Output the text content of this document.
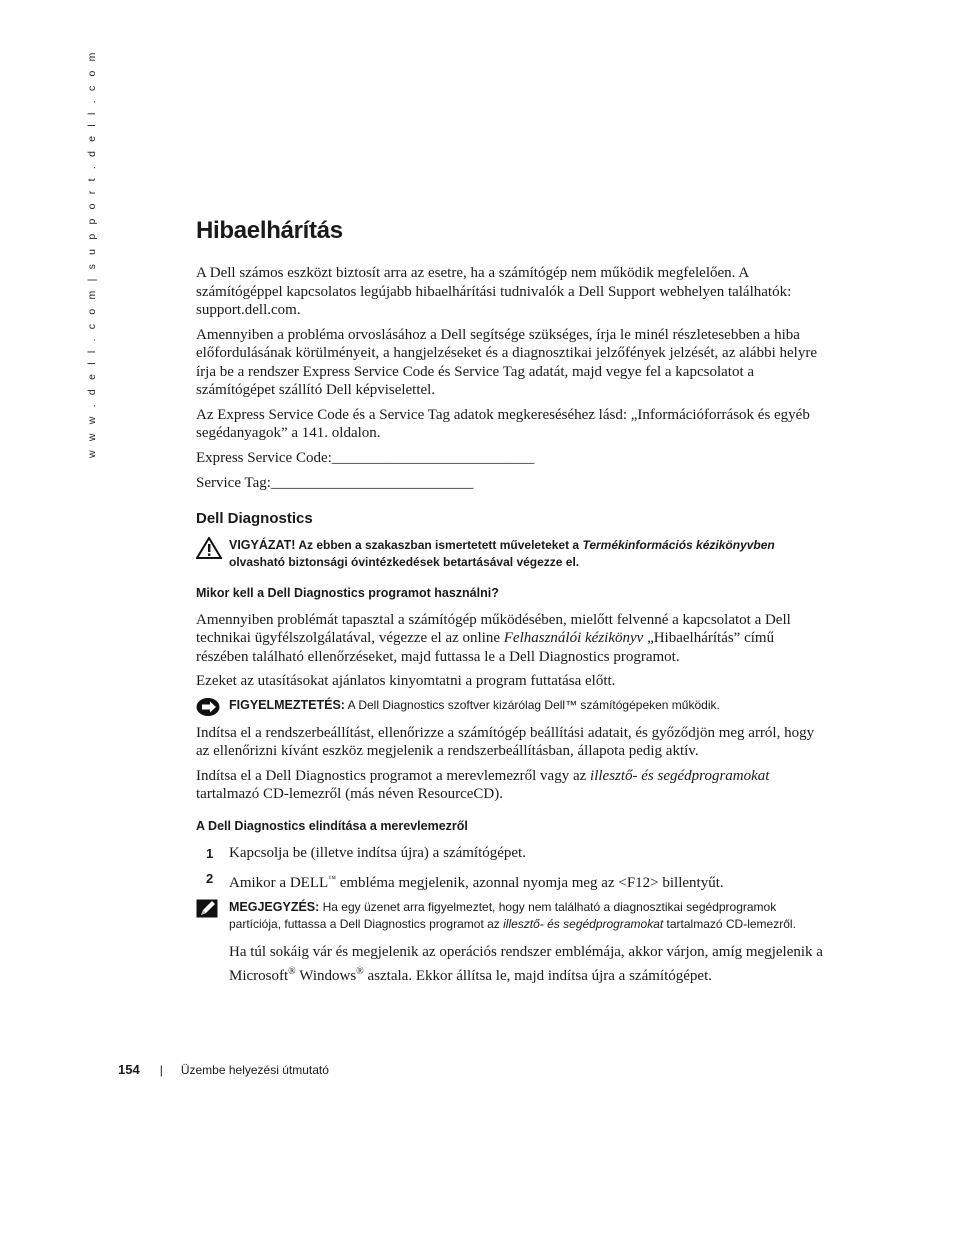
w w w . d e l l . c o m | s u p p o r t . d e l l . c o m	Hibaelhárítás

A Dell számos eszközt biztosít arra az esetre, ha a számítógép nem működik megfelelően. A számítógéppel kapcsolatos legújabb hibaelhárítási tudnivalók a Dell Support webhelyen találhatók: support.dell.com.

Amennyiben a probléma orvoslásához a Dell segítsége szükséges, írja le minél részletesebben a hiba előfordulásának körülményeit, a hangjelzéseket és a diagnosztikai jelzőfények jelzését, az alábbi helyre írja be a rendszer Express Service Code és Service Tag adatát, majd vegye fel a kapcsolatot a számítógépet szállító Dell képviselettel.

Az Express Service Code és a Service Tag adatok megkereséséhez lásd: „Információforrások és egyéb segédanyagok” a 141. oldalon.

Express Service Code:___________________________

Service Tag:___________________________

Dell Diagnostics
VIGYÁZAT! Az ebben a szakaszban ismertetett műveleteket a Termékinformációs kézikönyvben olvasható biztonsági óvintézkedések betartásával végezze el.
Mikor kell a Dell Diagnostics programot használni?

Amennyiben problémát tapasztal a számítógép működésében, mielőtt felvenné a kapcsolatot a Dell technikai ügyfélszolgálatával, végezze el az online Felhasználói kézikönyv „Hibaelhárítás” című részében található ellenőrzéseket, majd futtassa le a Dell Diagnostics programot.

Ezeket az utasításokat ajánlatos kinyomtatni a program futtatása előtt.

FIGYELMEZTETÉS: A Dell Diagnostics szoftver kizárólag Dell™ számítógépeken működik.

Indítsa el a rendszerbeállítást, ellenőrizze a számítógép beállítási adatait, és győződjön meg arról, hogy az ellenőrizni kívánt eszköz megjelenik a rendszerbeállításban, állapota pedig aktív.

Indítsa el a Dell Diagnostics programot a merevlemezről vagy az illesztő- és segédprogramokat tartalmazó CD-lemezről (más néven ResourceCD).

A Dell Diagnostics elindítása a merevlemezről
1 Kapcsolja be (illetve indítsa újra) a számítógépet.
2 Amikor a DELL™ embléma megjelenik, azonnal nyomja meg az <F12> billentyűt.
MEGJEGYZÉS: Ha egy üzenet arra figyelmeztet, hogy nem található a diagnosztikai segédprogramok partíciója, futtassa a Dell Diagnostics programot az illesztő- és segédprogramokat tartalmazó CD-lemezről.

Ha túl sokáig vár és megjelenik az operációs rendszer emblémája, akkor várjon, amíg megjelenik a Microsoft® Windows® asztala. Ekkor állítsa le, majd indítsa újra a számítógépet.

154 | Üzembe helyezési útmutató
